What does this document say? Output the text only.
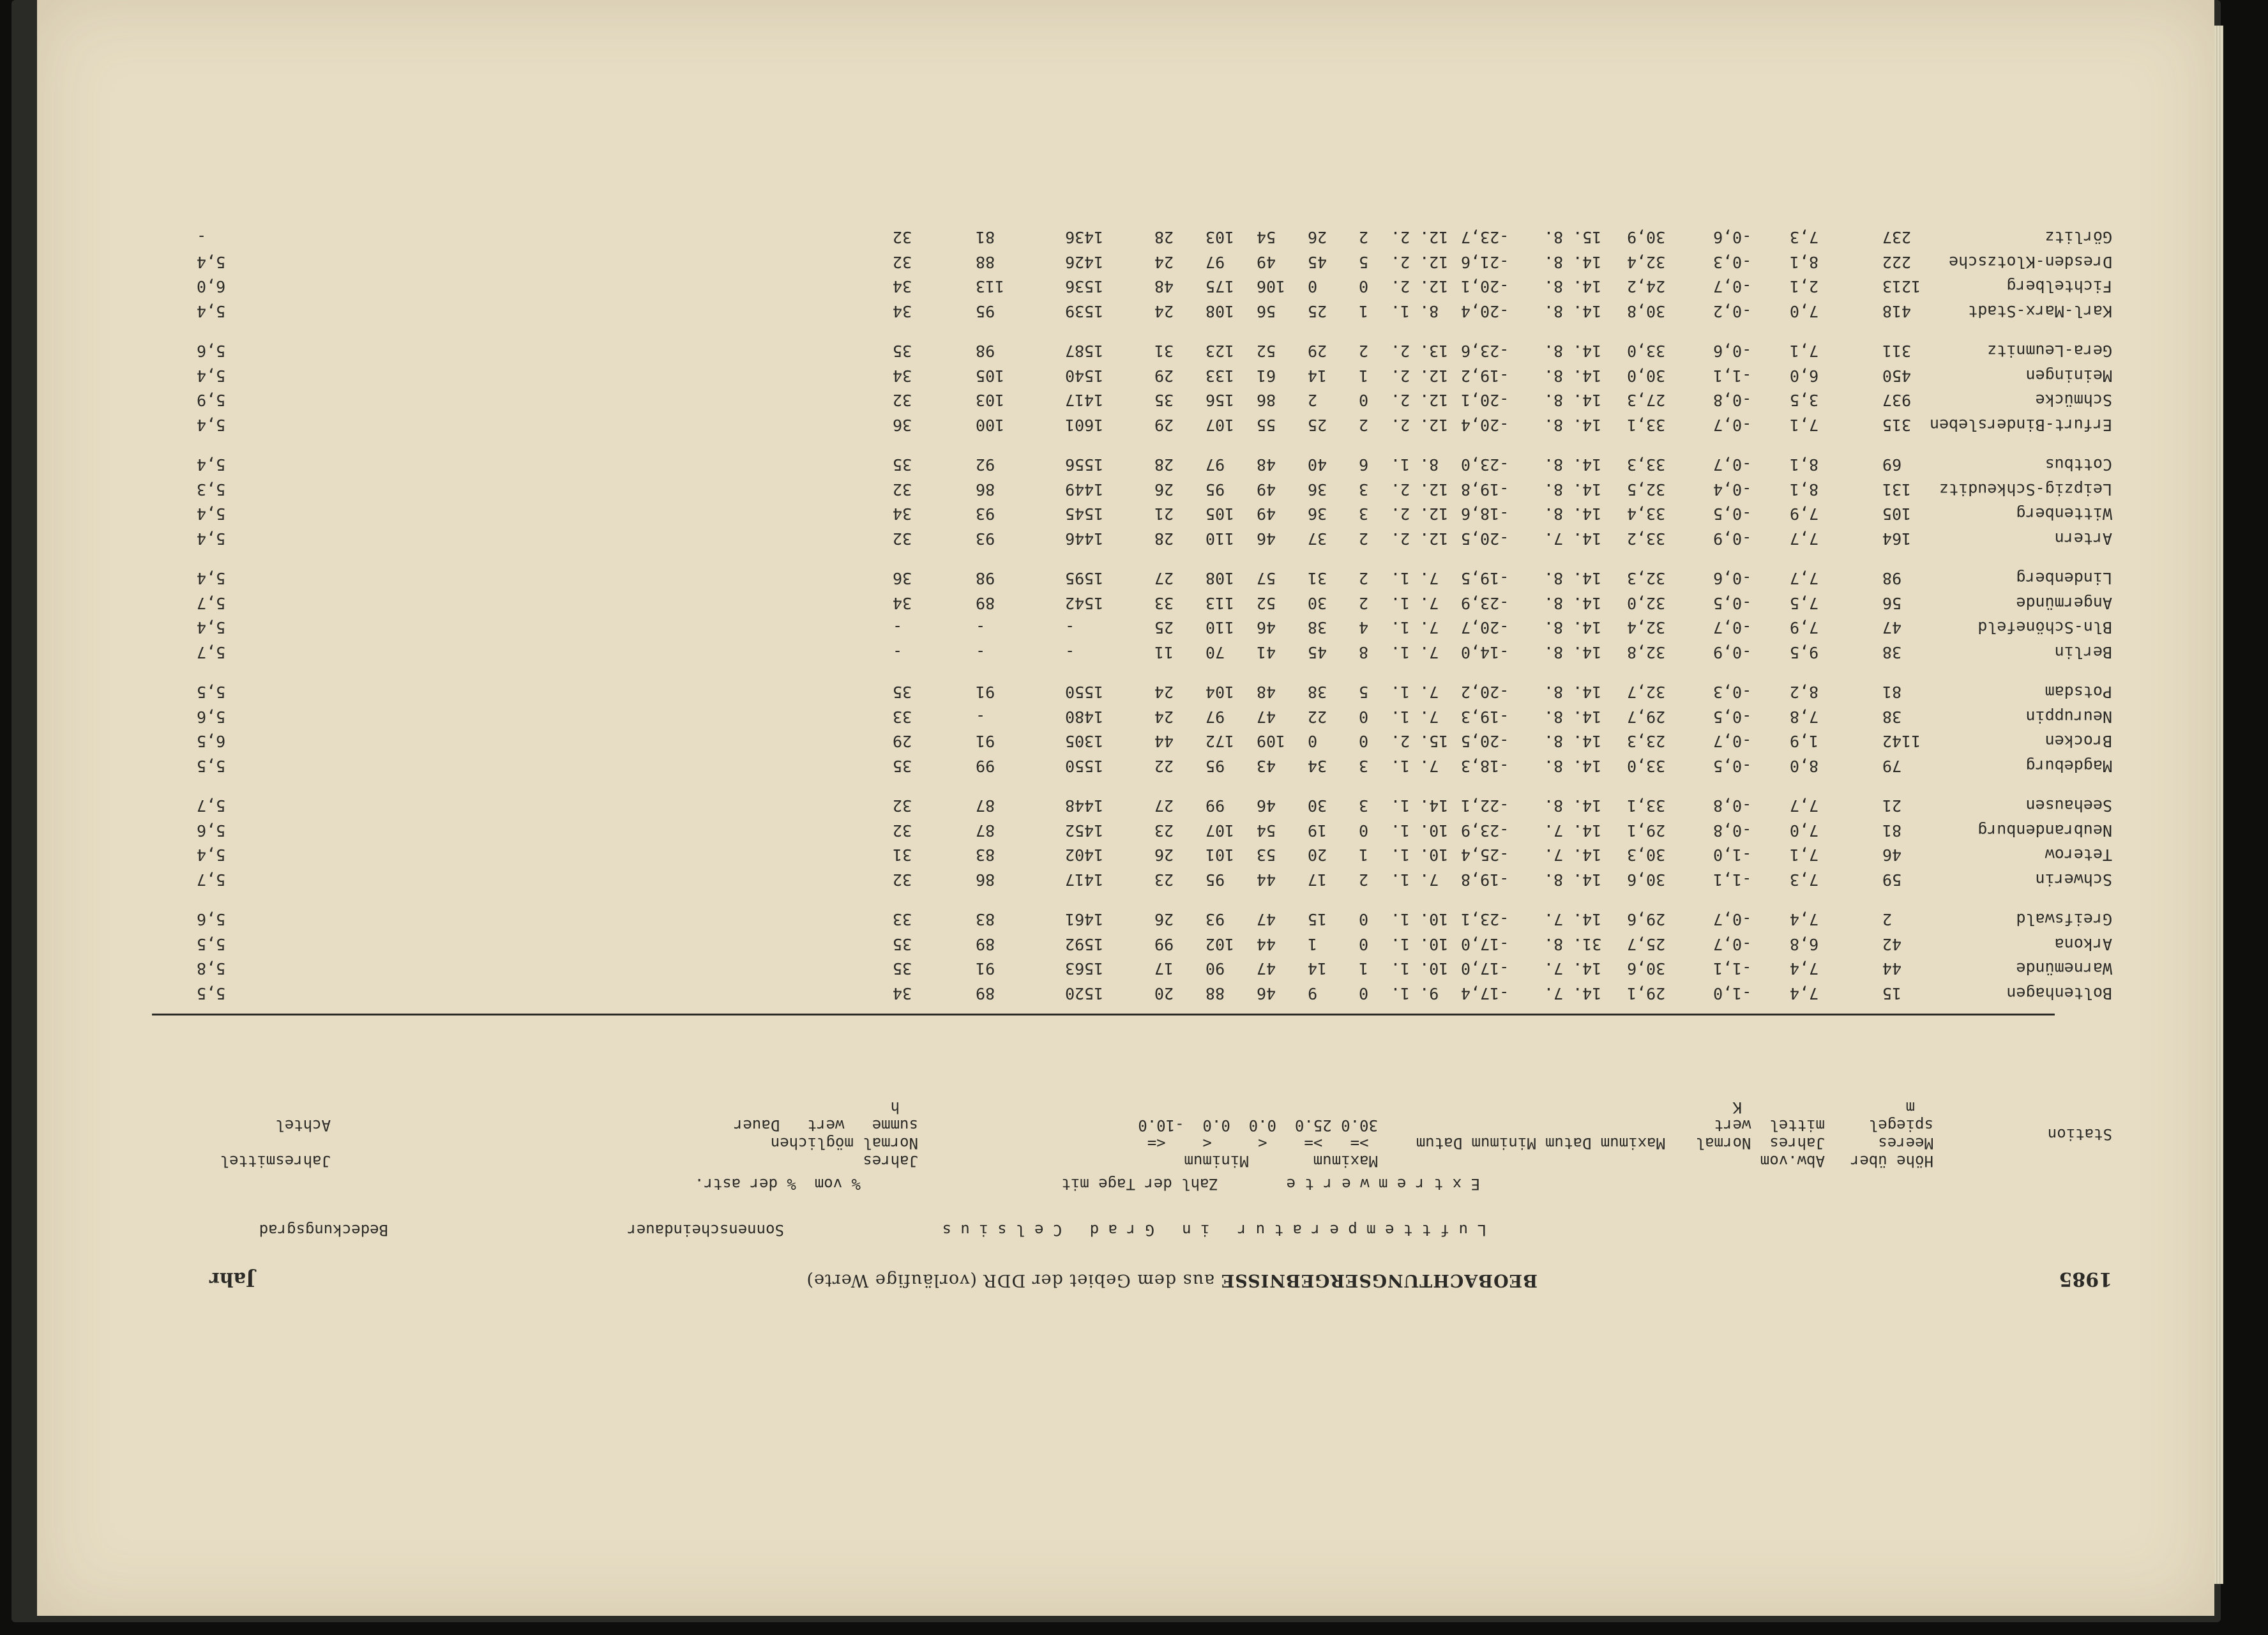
1985
BEOBACHTUNGSERGEBNISSE aus dem Gebiet der DDR (vorläufige Werte)
Jahr
L u f t t e m p e r a t u r   i n   G r a d   C e l s i u s
Sonnenscheindauer
Bedeckungsgrad
E x t r e m w e r t e
Zahl der Tage mit
% vom  % der astr.
Station
Höhe über
Meeres
spiegel
m
Abw.vom
Jahres  Normal
mittel  wert
K

Maximum Datum Minimum Datum
Maximum       Minimum
>=   >=    <     <    <=
30.0 25.0  0.0  0.0  -10.0
Jahres
Normal möglichen
summe   wert   Dauer
h
Jahresmittel

Achtel
Boltenhagen
15
7,4
-1,0
29,1
14. 7.
-17,4
9. 1.
0
9
46
88
20
1520
89
34
5,5
Warnemünde
44
7,4
-1,1
30,6
14. 7.
-17,0
10. 1.
1
14
47
90
17
1563
91
35
5,8
Arkona
42
6,8
-0,7
25,7
31. 8.
-17,0
10. 1.
0
1
44
102
99
1592
89
35
5,5
Greifswald
2
7,4
-0,7
29,6
14. 7.
-23,1
10. 1.
0
15
47
93
26
1461
83
33
5,6
Schwerin
59
7,3
-1,1
30,6
14. 8.
-19,8
7. 1.
2
17
44
95
23
1417
86
32
5,7
Teterow
46
7,1
-1,0
30,3
14. 7.
-25,4
10. 1.
1
20
53
101
26
1402
83
31
5,4
Neubrandenburg
81
7,0
-0,8
29,1
14. 7.
-23,9
10. 1.
0
19
54
107
23
1452
87
32
5,6
Seehausen
21
7,7
-0,8
33,1
14. 8.
-22,1
14. 1.
3
30
46
99
27
1448
87
32
5,7
Magdeburg
79
8,0
-0,5
33,0
14. 8.
-18,3
7. 1.
3
34
43
95
22
1550
99
35
5,5
Brocken
1142
1,9
-0,7
23,3
14. 8.
-20,5
15. 2.
0
0
109
172
44
1305
91
29
6,5
Neuruppin
38
7,8
-0,5
29,7
14. 8.
-19,3
7. 1.
0
22
47
97
24
1480
-
33
5,6
Potsdam
81
8,2
-0,3
32,7
14. 8.
-20,2
7. 1.
5
38
48
104
24
1550
91
35
5,5
Berlin
38
9,5
-0,9
32,8
14. 8.
-14,0
7. 1.
8
45
41
70
11
-
-
-
5,7
Bln-Schönefeld
47
7,9
-0,7
32,4
14. 8.
-20,7
7. 1.
4
38
46
110
25
-
-
-
5,4
Angermünde
56
7,5
-0,5
32,0
14. 8.
-23,9
7. 1.
2
30
52
113
33
1542
89
34
5,7
Lindenberg
98
7,7
-0,6
32,3
14. 8.
-19,5
7. 1.
2
31
57
108
27
1595
98
36
5,4
Artern
164
7,7
-0,9
33,2
14. 7.
-20,5
12. 2.
2
37
46
110
28
1446
93
32
5,4
Wittenberg
105
7,9
-0,5
33,4
14. 8.
-18,6
12. 2.
3
36
49
105
21
1545
93
34
5,4
Leipzig-Schkeuditz
131
8,1
-0,4
32,5
14. 8.
-19,8
12. 2.
3
36
49
95
26
1449
86
32
5,3
Cottbus
69
8,1
-0,7
33,3
14. 8.
-23,0
8. 1.
6
40
48
97
28
1556
92
35
5,4
Erfurt-Bindersleben
315
7,1
-0,7
33,1
14. 8.
-20,4
12. 2.
2
25
55
107
29
1601
100
36
5,4
Schmücke
937
3,5
-0,8
27,3
14. 8.
-20,1
12. 2.
0
2
86
156
35
1417
103
32
5,9
Meiningen
450
6,0
-1,1
30,0
14. 8.
-19,2
12. 2.
1
14
61
133
29
1540
105
34
5,4
Gera-Leumnitz
311
7,1
-0,6
33,0
14. 8.
-23,6
13. 2.
2
29
52
123
31
1587
98
35
5,6
Karl-Marx-Stadt
418
7,0
-0,2
30,8
14. 8.
-20,4
8. 1.
1
25
56
108
24
1539
95
34
5,4
Fichtelberg
1213
2,1
-0,7
24,2
14. 8.
-20,1
12. 2.
0
0
106
175
48
1536
113
34
6,0
Dresden-Klotzsche
222
8,1
-0,3
32,4
14. 8.
-21,6
12. 2.
5
45
49
97
24
1426
88
32
5,4
Görlitz
237
7,3
-0,6
30,9
15. 8.
-23,7
12. 2.
2
26
54
103
28
1436
81
32
-
